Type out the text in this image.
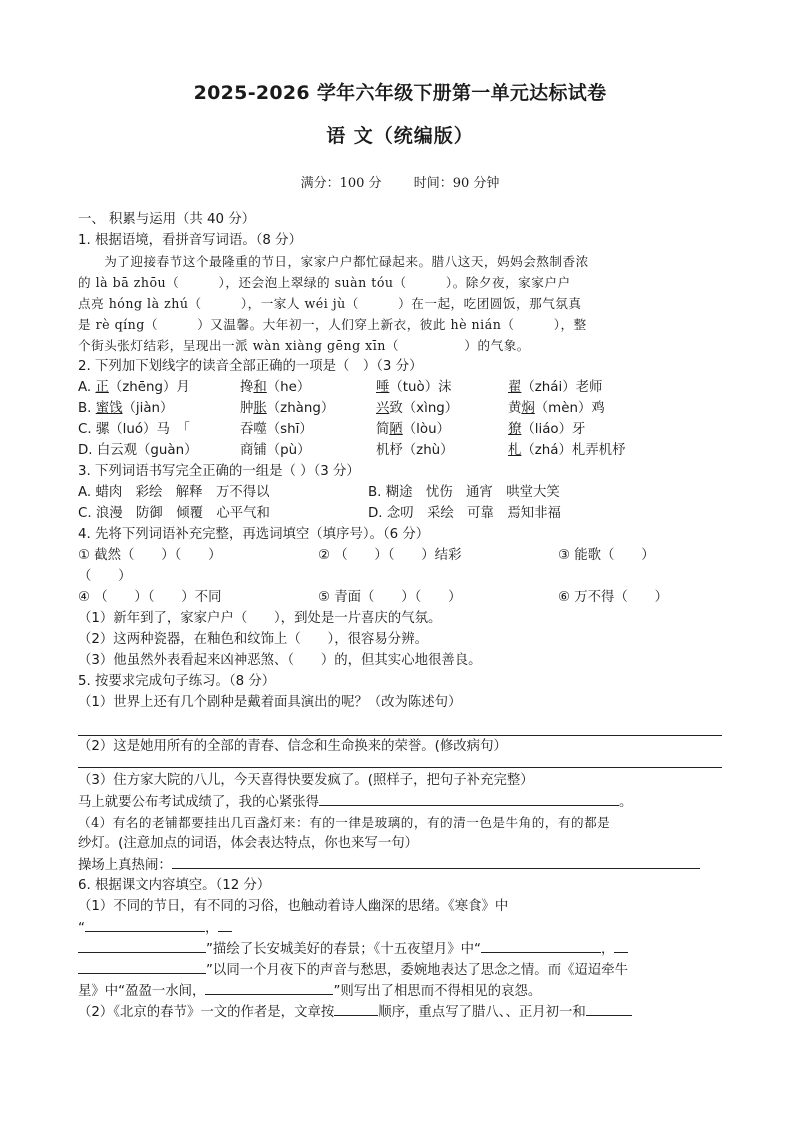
2025-2026 学年六年级下册第一单元达标试卷
语 文（统编版）
满分：100 分 时间：90 分钟
一、 积累与运用（共 40 分）
1. 根据语境，看拼音写词语。（8 分）
　　为了迎接春节这个最隆重的节日，家家户户都忙碌起来。腊八这天，妈妈会熬制香浓
的 là bā zhōu（　　　），还会泡上翠绿的 suàn tóu（　　　）。除夕夜，家家户户
点亮 hóng là zhú（　　　），一家人 wéi jù（　　　）在一起，吃团圆饭，那气氛真
是 rè qíng（　　　）又温馨。大年初一，人们穿上新衣，彼此 hè nián（　　　），整
个街头张灯结彩，呈现出一派 wàn xiàng gēng xīn（　　　　　）的气象。
2. 下列加下划线字的读音全部正确的一项是（　）（3 分）
A. 正（zhēng）月	搀和（he）	唾（tuò）沫	翟（zhái）老师
B. 蜜饯（jiàn）	肿胀（zhàng）	兴致（xìng）	黄焖（mèn）鸡
C. 骡（luó）马　「	吞噬（shī）	简陋（lòu）	獠（liáo）牙
D. 白云观（guàn）	商铺（pù）	机杼（zhù）	札（zhá）札弄机杼
3. 下列词语书写完全正确的一组是（ ）（3 分）
A. 蜡肉　彩绘　解释　万不得以	B. 糊途　忧伤　通宵　哄堂大笑
C. 浪漫　防御　倾覆　心平气和	D. 念叨　采绘　可靠　焉知非福
4. 先将下列词语补充完整，再选词填空（填序号）。（6 分）
① 截然（　　）（　　）	② （　　）（　　）结彩	③ 能歌（　　）
（　　）
④ （　　）（　　）不同	⑤ 青面（　　）（　　）	⑥ 万不得（　　）
（1）新年到了，家家户户（　　），到处是一片喜庆的气氛。
（2）这两种瓷器，在釉色和纹饰上（　　），很容易分辨。
（3）他虽然外表看起来凶神恶煞、（　　）的，但其实心地很善良。
5. 按要求完成句子练习。（8 分）
（1）世界上还有几个剧种是戴着面具演出的呢？（改为陈述句）
（2）这是她用所有的全部的青春、信念和生命换来的荣誉。(修改病句）
（3）住方家大院的八儿，今天喜得快要发疯了。(照样子，把句子补充完整）
马上就要公布考试成绩了，我的心紧张得	。
（4）有名的老铺都要挂出几百盏灯来：有的一律是玻璃的，有的清一色是牛角的，有的都是
纱灯。(注意加点的词语，体会表达特点，你也来写一句）
操场上真热闹：
6. 根据课文内容填空。（12 分）
（1）不同的节日，有不同的习俗，也触动着诗人幽深的思绪。《寒食》中
“	，
”描绘了长安城美好的春景；《十五夜望月》中“	，
”以同一个月夜下的声音与愁思，委婉地表达了思念之情。而《迢迢牵牛
星》中“盈盈一水间，	”则写出了相思而不得相见的哀怨。
（2）《北京的春节》一文的作者是，文章按	顺序，重点写了腊八、、正月初一和
